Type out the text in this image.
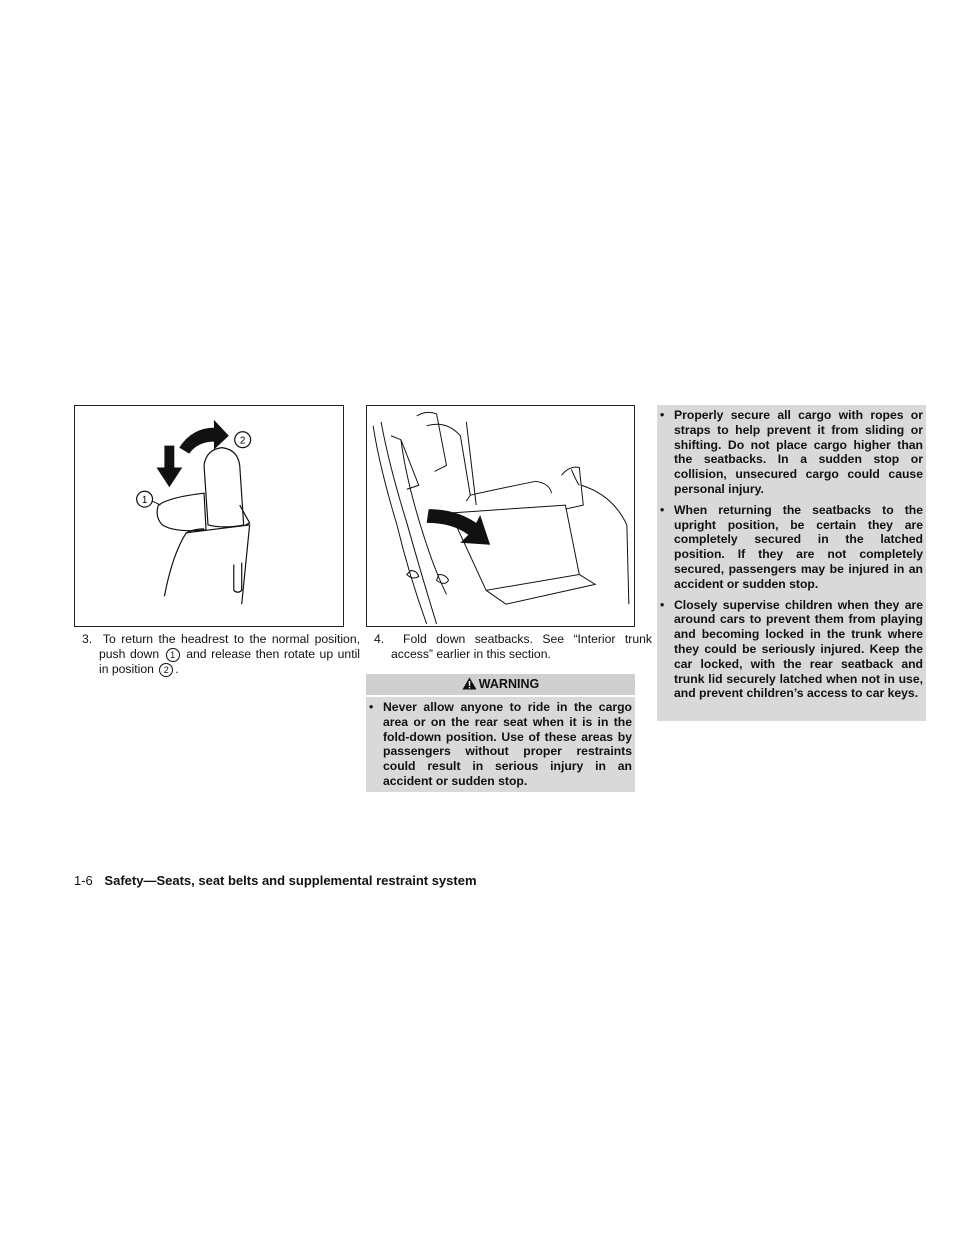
1
2
3. To return the headrest to the normal position, push down 1 and release then rotate up until in position 2 .
4. Fold down seatbacks. See “Interior trunk access” earlier in this section.
WARNING
• Never allow anyone to ride in the cargo area or on the rear seat when it is in the fold-down position. Use of these areas by passengers without proper restraints could result in serious injury in an accident or sudden stop.
• Properly secure all cargo with ropes or straps to help prevent it from sliding or shifting. Do not place cargo higher than the seatbacks. In a sudden stop or collision, unsecured cargo could cause personal injury.
• When returning the seatbacks to the upright position, be certain they are completely secured in the latched position. If they are not completely secured, passengers may be injured in an accident or sudden stop.
• Closely supervise children when they are around cars to prevent them from playing and becoming locked in the trunk where they could be seriously injured. Keep the car locked, with the rear seatback and trunk lid securely latched when not in use, and prevent children’s access to car keys.
1-6 Safety—Seats, seat belts and supplemental restraint system
